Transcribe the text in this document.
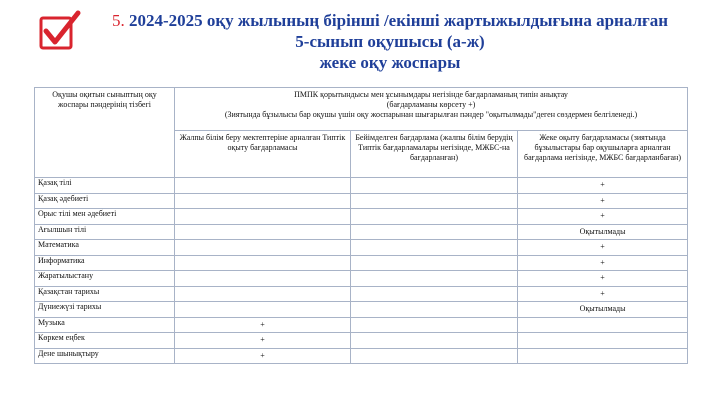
5. 2024-2025 оқу жылының бірінші /екінші жартыжылдығына арналған
5-сынып оқушысы (а-ж)
жеке оқу жоспары
Оқушы оқитын сыныптың оқу жоспары пәндерінің тізбегі	ПМПК қорытындысы мен ұсынымдары негізінде бағдарламаның типін анықтау
(бағдарламаны көрсету +)
(Зиятында бұзылысы бар оқушы үшін оқу жоспарынан шығарылған пәндер "оқытылмады"деген сөздермен белгіленеді.)		

	Жалпы білім беру мектептеріне арналған Типтік оқыту бағдарламасы	Бейімделген бағдарлама (жалпы білім берудің Типтік бағдарламалары негізінде, МЖБС-на бағдарланған)	Жеке оқыту бағдарламасы (зиятында бұзылыстары бар оқушыларға арналған бағдарлама негізінде, МЖБС бағдарланбаған)
Қазақ тілі			+
Қазақ әдебиеті			+
Орыс тілі мен әдебиеті			+
Ағылшын тілі			Оқытылмады
Математика			+
Информатика			+
Жаратылыстану			+
Қазақстан тарихы			+
Дүниежүзі тарихы			Оқытылмады
Музыка	+		
Көркем еңбек	+		
Дене шынықтыру	+		
